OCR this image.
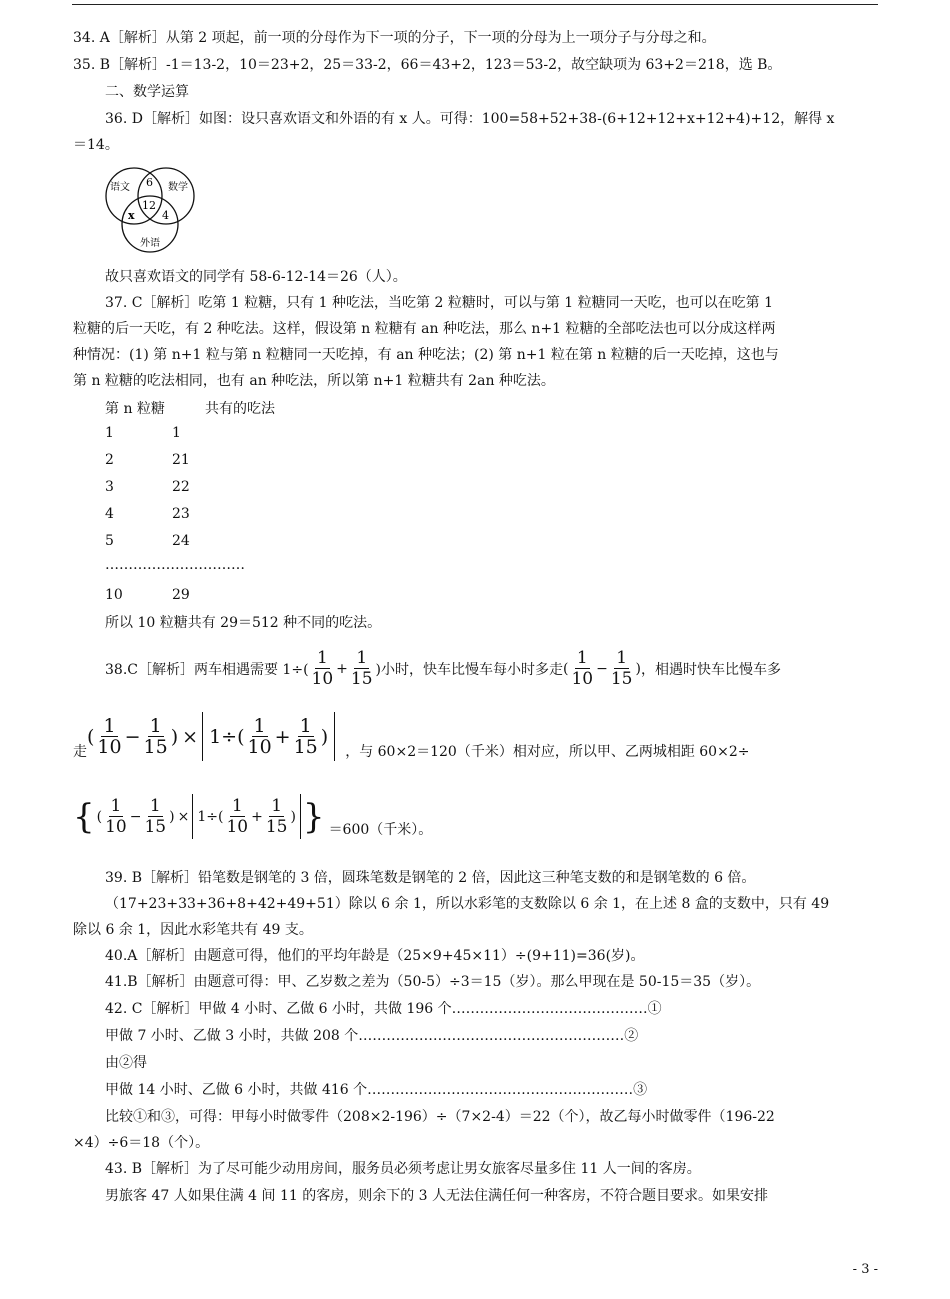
34. A［解析］从第 2 项起，前一项的分母作为下一项的分子，下一项的分母为上一项分子与分母之和。
35. B［解析］-1＝13-2，10＝23+2，25＝33-2，66＝43+2，123＝53-2，故空缺项为 63+2＝218，选 B。
二、数学运算
36. D［解析］如图：设只喜欢语文和外语的有 x 人。可得：100=58+52+38-(6+12+12+x+12+4)+12，解得 x
＝14。
语文	数学
外语
6
12
x 4
故只喜欢语文的同学有 58-6-12-14＝26（人）。
37. C［解析］吃第 1 粒糖，只有 1 种吃法，当吃第 2 粒糖时，可以与第 1 粒糖同一天吃，也可以在吃第 1
粒糖的后一天吃，有 2 种吃法。这样，假设第 n 粒糖有 an 种吃法，那么 n+1 粒糖的全部吃法也可以分成这样两
种情况：(1) 第 n+1 粒与第 n 粒糖同一天吃掉，有 an 种吃法；(2) 第 n+1 粒在第 n 粒糖的后一天吃掉，这也与
第 n 粒糖的吃法相同，也有 an 种吃法，所以第 n+1 粒糖共有 2an 种吃法。
第 n 粒糖	共有的吃法
1	1
2	21
3	22
4	23
5	24
…………………………
10	29
所以 10 粒糖共有 29＝512 种不同的吃法。
38.C［解析］两车相遇需要 $1\div( \frac{1}{10} + \frac{1}{15}$ )小时，快车比慢车每小时多走 ( $\frac{1}{10} - \frac{1}{15}$ ) ，相遇时快车比慢车多
走
( $\frac{1}{10} - \frac{1}{15}$ ) × $1\div( \frac{1}{10} + \frac{1}{15}$ )
，与 60×2＝120（千米）相对应，所以甲、乙两城相距 60×2÷
{ ( $\frac{1}{10} - \frac{1}{15}$ ) × $1\div( \frac{1}{10} + \frac{1}{15}$ ) } ＝600（千米）。
39. B［解析］铅笔数是钢笔的 3 倍，圆珠笔数是钢笔的 2 倍，因此这三种笔支数的和是钢笔数的 6 倍。
（17+23+33+36+8+42+49+51）除以 6 余 1，所以水彩笔的支数除以 6 余 1，在上述 8 盒的支数中，只有 49
除以 6 余 1，因此水彩笔共有 49 支。
40.A［解析］由题意可得，他们的平均年龄是（25×9+45×11）÷(9+11)=36(岁)。
41.B［解析］由题意可得：甲、乙岁数之差为（50-5）÷3＝15（岁）。那么甲现在是 50-15＝35（岁）。
42. C［解析］甲做 4 小时、乙做 6 小时，共做 196 个……………………………………①
甲做 7 小时、乙做 3 小时，共做 208 个…………………………………………………②
由②得
甲做 14 小时、乙做 6 小时，共做 416 个…………………………………………………③
比较①和③，可得：甲每小时做零件（208×2-196）÷（7×2-4）＝22（个），故乙每小时做零件（196-22
×4）÷6＝18（个）。
43. B［解析］为了尽可能少动用房间，服务员必须考虑让男女旅客尽量多住 11 人一间的客房。
男旅客 47 人如果住满 4 间 11 的客房，则余下的 3 人无法住满任何一种客房，不符合题目要求。如果安排
- 3 -
